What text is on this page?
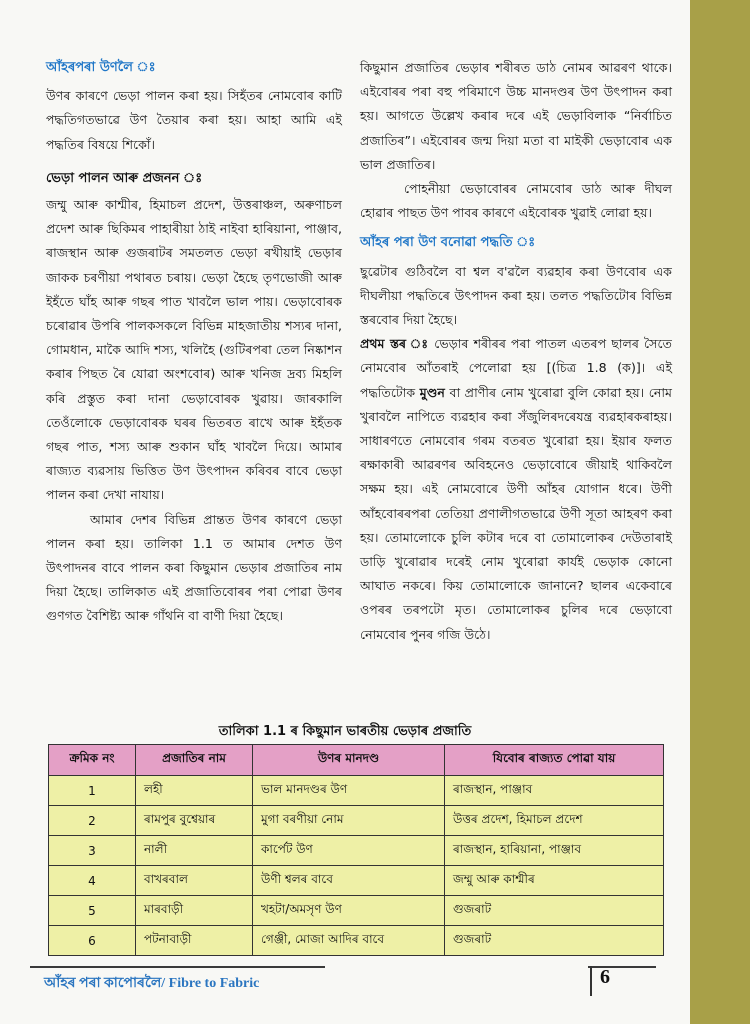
আঁহৰপৰা উণলৈ ঃ

উণৰ কাৰণে ভেড়া পালন কৰা হয়। সিহঁতৰ নোমবোৰ কাটি পদ্ধতিগতভাৱে উণ তৈয়াৰ কৰা হয়। আহা আমি এই পদ্ধতিৰ বিষয়ে শিকোঁ।

ভেড়া পালন আৰু প্ৰজনন ঃ

জম্মু আৰু কাশ্মীৰ, হিমাচল প্ৰদেশ, উত্তৰাঞ্চল, অৰুণাচল প্ৰদেশ আৰু ছিকিমৰ পাহাৰীয়া ঠাই নাইবা হাৰিয়ানা, পাঞ্জাব, ৰাজস্থান আৰু গুজৰাটৰ সমতলত ভেড়া ৰখীয়াই ভেড়াৰ জাকক চৰণীয়া পথাৰত চৰায়। ভেড়া হৈছে তৃণভোজী আৰু ইহঁতে ঘাঁহ আৰু গছৰ পাত খাবলৈ ভাল পায়। ভেড়াবোৰক চৰোৱাৰ উপৰি পালকসকলে বিভিন্ন মাহজাতীয় শস্যৰ দানা, গোমধান, মাকৈ আদি শস্য, খলিহৈ (গুটিৰপৰা তেল নিষ্কাশন কৰাৰ পিছত ৰৈ যোৱা অংশবোৰ) আৰু খনিজ দ্ৰব্য মিহলি কৰি প্ৰস্তুত কৰা দানা ভেড়াবোৰক খুৱায়। জাৰকালি তেওঁলোকে ভেড়াবোৰক ঘৰৰ ভিতৰত ৰাখে আৰু ইহঁতক গছৰ পাত, শস্য আৰু শুকান ঘাঁহ খাবলৈ দিয়ে। আমাৰ ৰাজ্যত ব্যৱসায় ভিত্তিত উণ উৎপাদন কৰিবৰ বাবে ভেড়া পালন কৰা দেখা নাযায়।

আমাৰ দেশৰ বিভিন্ন প্ৰান্তত উণৰ কাৰণে ভেড়া পালন কৰা হয়। তালিকা 1.1 ত আমাৰ দেশত উণ উৎপাদনৰ বাবে পালন কৰা কিছুমান ভেড়াৰ প্ৰজাতিৰ নাম দিয়া হৈছে। তালিকাত এই প্ৰজাতিবোৰৰ পৰা পোৱা উণৰ গুণগত বৈশিষ্ট্য আৰু গাঁথনি বা বাণী দিয়া হৈছে।

কিছুমান প্ৰজাতিৰ ভেড়াৰ শৰীৰত ডাঠ নোমৰ আৱৰণ থাকে। এইবোৰৰ পৰা বহু পৰিমাণে উচ্চ মানদণ্ডৰ উণ উৎপাদন কৰা হয়। আগতে উল্লেখ কৰাৰ দৰে এই ভেড়াবিলাক “নিৰ্বাচিত প্ৰজাতিৰ”। এইবোৰৰ জন্ম দিয়া মতা বা মাইকী ভেড়াবোৰ এক ভাল প্ৰজাতিৰ।

পোহনীয়া ভেড়াবোৰৰ নোমবোৰ ডাঠ আৰু দীঘল হোৱাৰ পাছত উণ পাবৰ কাৰণে এইবোৰক খুৱাই লোৱা হয়।

আঁহৰ পৰা উণ বনোৱা পদ্ধতি ঃ

ছুৱেটাৰ গুঠিবলৈ বা শ্বল ব'ৱলৈ ব্যৱহাৰ কৰা উণবোৰ এক দীঘলীয়া পদ্ধতিৰে উৎপাদন কৰা হয়। তলত পদ্ধতিটোৰ বিভিন্ন স্তৰবোৰ দিয়া হৈছে।

প্ৰথম স্তৰ ঃ ভেড়াৰ শৰীৰৰ পৰা পাতল এতৰপ ছালৰ সৈতে নোমবোৰ আঁতৰাই পেলোৱা হয় [(চিত্ৰ 1.8 (ক)]। এই পদ্ধতিটোক মুণ্ডন বা প্ৰাণীৰ নোম খুৰোৱা বুলি কোৱা হয়। নোম খুৰাবলৈ নাপিতে ব্যৱহাৰ কৰা সঁজুলিৰদৰেযন্ত্ৰ ব্যৱহাৰকৰাহয়।সাধাৰণতে নোমবোৰ গৰম বতৰত খুৰোৱা হয়। ইয়াৰ ফলত ৰক্ষাকাৰী আৱৰণৰ অবিহনেও ভেড়াবোৰে জীয়াই থাকিবলৈ সক্ষম হয়। এই নোমবোৰে উণী আঁহৰ যোগান ধৰে। উণী আঁহবোৰৰপৰা তেতিয়া প্ৰণালীগতভাৱে উণী সূতা আহৰণ কৰা হয়। তোমালোকে চুলি কটাৰ দৰে বা তোমালোকৰ দেউতাৰাই ডাড়ি খুৰোৱাৰ দৰেই নোম খুৰোৱা কাৰ্যই ভেড়াক কোনো আঘাত নকৰে। কিয় তোমালোকে জানানে? ছালৰ একেবাৰে ওপৰৰ তৰপটো মৃত। তোমালোকৰ চুলিৰ দৰে ভেড়াবো নোমবোৰ পুনৰ গজি উঠে।

তালিকা 1.1 ৰ কিছুমান ভাৰতীয় ভেড়াৰ প্ৰজাতি
ক্ৰমিক নং	প্ৰজাতিৰ নাম	উণৰ মানদণ্ড	যিবোৰ ৰাজ্যত পোৱা যায়
1	লহী	ভাল মানদণ্ডৰ উণ	ৰাজস্থান, পাঞ্জাব
2	ৰামপুৰ বুশ্বেয়াৰ	মুগা বৰণীয়া নোম	উত্তৰ প্ৰদেশ, হিমাচল প্ৰদেশ
3	নালী	কাৰ্পেট উণ	ৰাজস্থান, হাৰিয়ানা, পাঞ্জাব
4	বাখৰবাল	উণী শ্বলৰ বাবে	জম্মু আৰু কাশ্মীৰ
5	মাৰবাড়ী	খহটা/অমসৃণ উণ	গুজৰাট
6	পটনাবাড়ী	গেঞ্জী, মোজা আদিৰ বাবে	গুজৰাট
আঁহৰ পৰা কাপোৰলৈ/ Fibre to Fabric	6
